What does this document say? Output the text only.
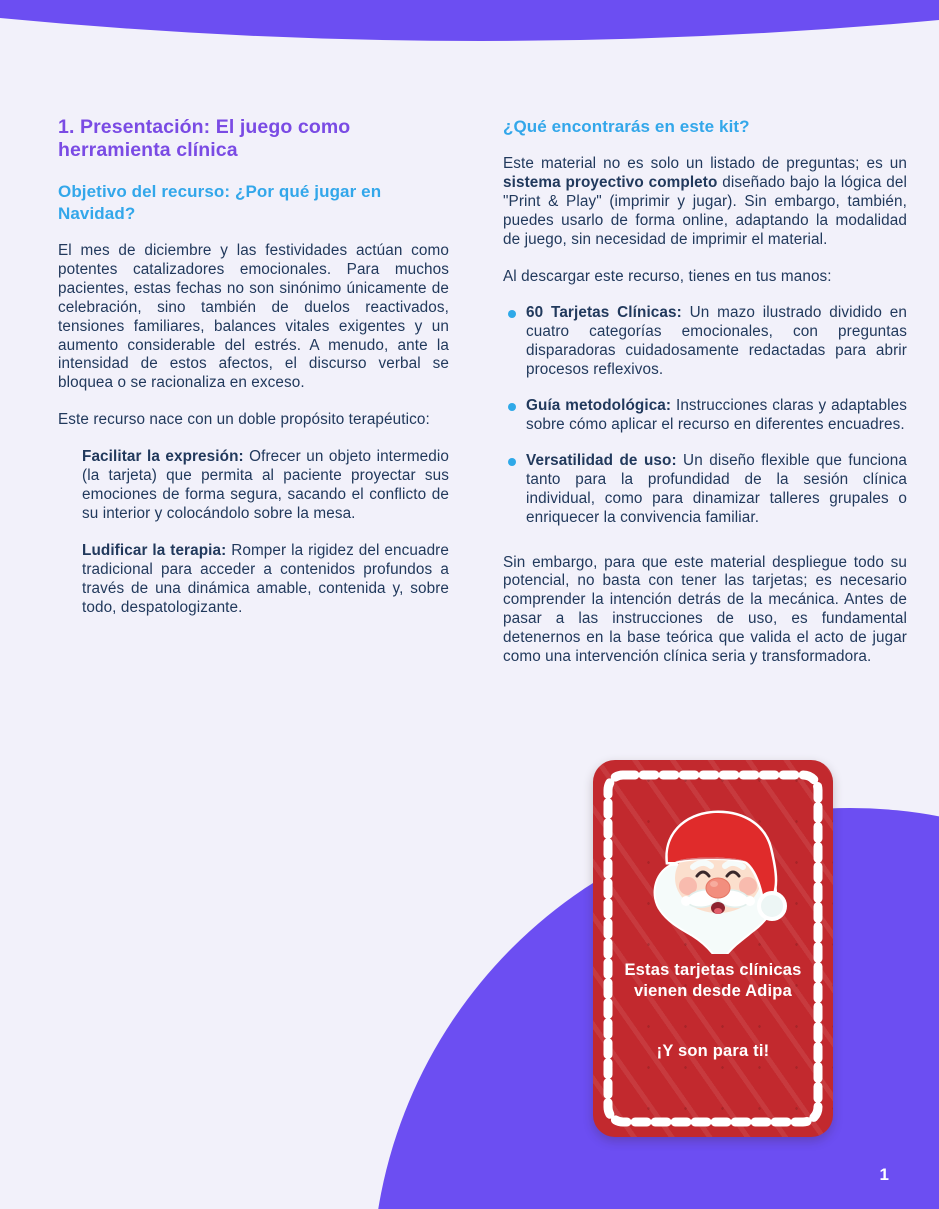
1. Presentación: El juego como herramienta clínica
Objetivo del recurso: ¿Por qué jugar en Navidad?

El mes de diciembre y las festividades actúan como potentes catalizadores emocionales. Para muchos pacientes, estas fechas no son sinónimo únicamente de celebración, sino también de duelos reactivados, tensiones familiares, balances vitales exigentes y un aumento considerable del estrés. A menudo, ante la intensidad de estos afectos, el discurso verbal se bloquea o se racionaliza en exceso.

Este recurso nace con un doble propósito terapéutico:

Facilitar la expresión: Ofrecer un objeto intermedio (la tarjeta) que permita al paciente proyectar sus emociones de forma segura, sacando el conflicto de su interior y colocándolo sobre la mesa.

Ludificar la terapia: Romper la rigidez del encuadre tradicional para acceder a contenidos profundos a través de una dinámica amable, contenida y, sobre todo, despatologizante.

¿Qué encontrarás en este kit?

Este material no es solo un listado de preguntas; es un sistema proyectivo completo diseñado bajo la lógica del "Print & Play" (imprimir y jugar). Sin embargo, también, puedes usarlo de forma online, adaptando la modalidad de juego, sin necesidad de imprimir el material.

Al descargar este recurso, tienes en tus manos:

60 Tarjetas Clínicas: Un mazo ilustrado dividido en cuatro categorías emocionales, con preguntas disparadoras cuidadosamente redactadas para abrir procesos reflexivos.
Guía metodológica: Instrucciones claras y adaptables sobre cómo aplicar el recurso en diferentes encuadres.
Versatilidad de uso: Un diseño flexible que funciona tanto para la profundidad de la sesión clínica individual, como para dinamizar talleres grupales o enriquecer la convivencia familiar.

Sin embargo, para que este material despliegue todo su potencial, no basta con tener las tarjetas; es necesario comprender la intención detrás de la mecánica. Antes de pasar a las instrucciones de uso, es fundamental detenernos en la base teórica que valida el acto de jugar como una intervención clínica seria y transformadora.

Estas tarjetas clínicas vienen desde Adipa
¡Y son para ti!
1
